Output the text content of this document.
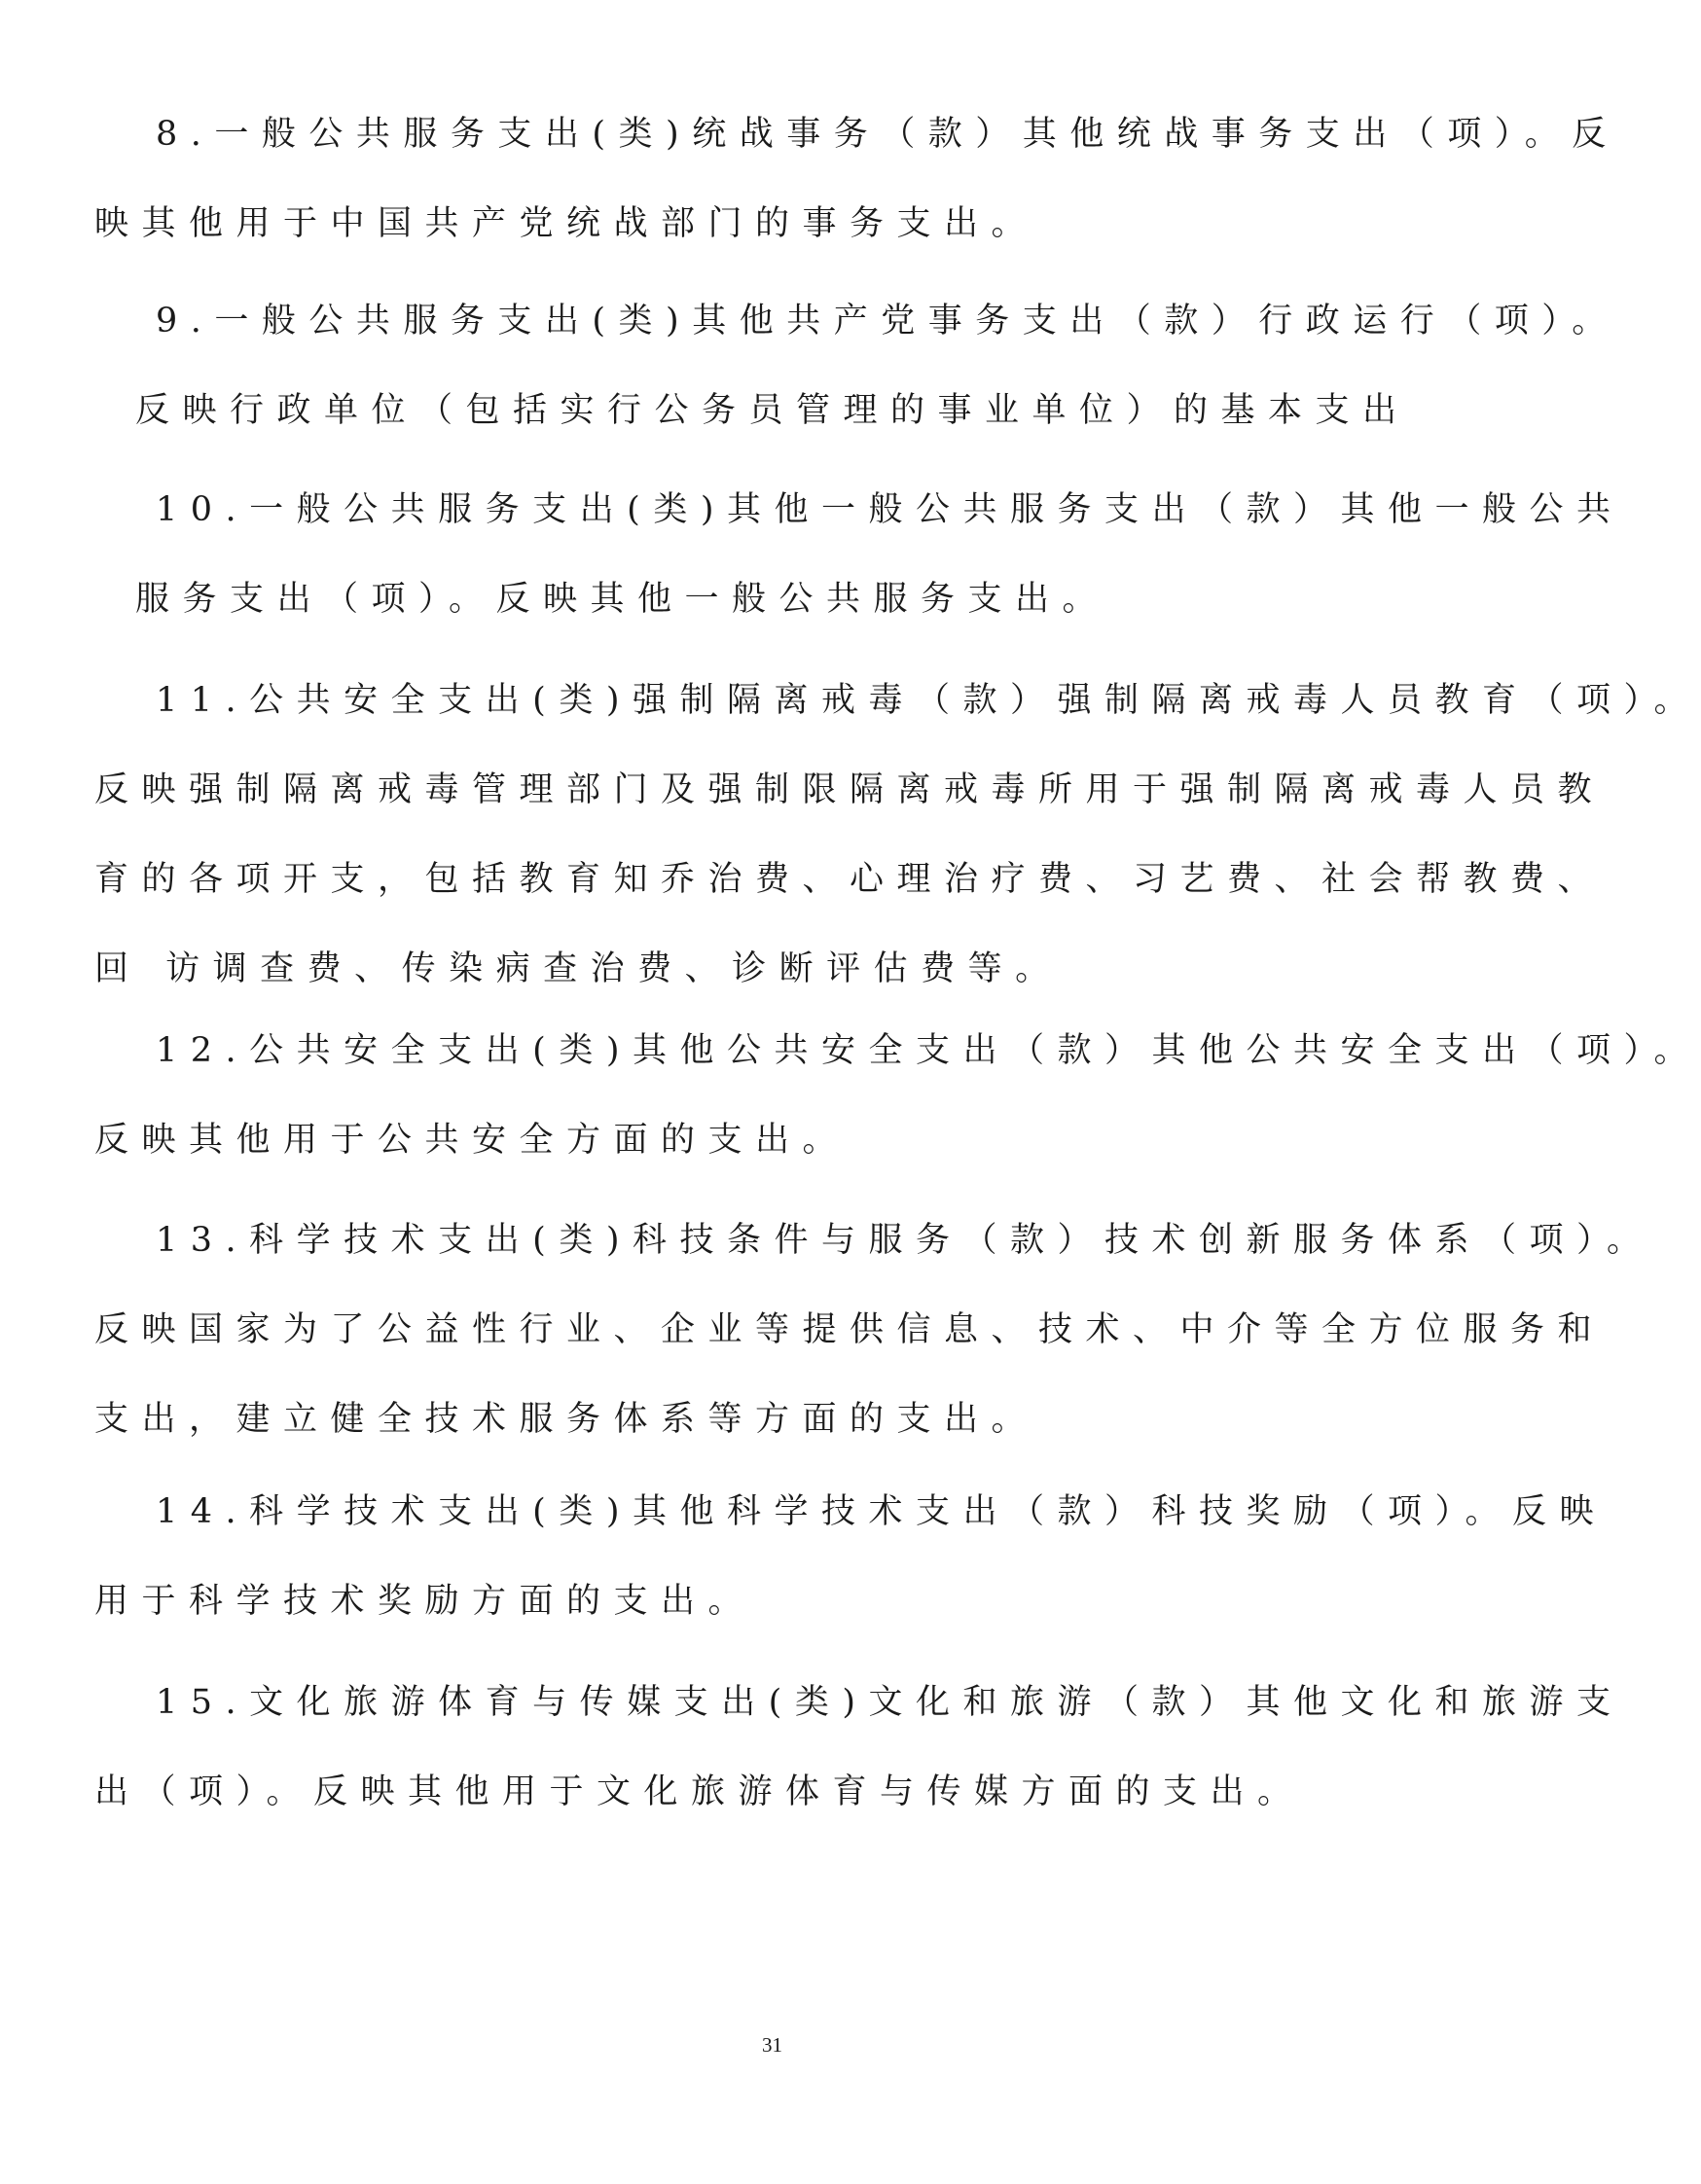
8.一般公共服务支出(类)统战事务（款）其他统战事务支出（项）。反
映其他用于中国共产党统战部门的事务支出。
9.一般公共服务支出(类)其他共产党事务支出（款）行政运行（项）。
反映行政单位（包括实行公务员管理的事业单位）的基本支出
10.一般公共服务支出(类)其他一般公共服务支出（款）其他一般公共
服务支出（项）。反映其他一般公共服务支出。
11.公共安全支出(类)强制隔离戒毒（款）强制隔离戒毒人员教育（项）。
反映强制隔离戒毒管理部门及强制限隔离戒毒所用于强制隔离戒毒人员教
育的各项开支，包括教育知乔治费、心理治疗费、习艺费、社会帮教费、
回 访调查费、传染病查治费、诊断评估费等。
12.公共安全支出(类)其他公共安全支出（款）其他公共安全支出（项）。
反映其他用于公共安全方面的支出。
13.科学技术支出(类)科技条件与服务（款）技术创新服务体系（项）。
反映国家为了公益性行业、企业等提供信息、技术、中介等全方位服务和
支出，建立健全技术服务体系等方面的支出。
14.科学技术支出(类)其他科学技术支出（款）科技奖励（项）。反映
用于科学技术奖励方面的支出。
15.文化旅游体育与传媒支出(类)文化和旅游（款）其他文化和旅游支
出（项）。反映其他用于文化旅游体育与传媒方面的支出。
31
